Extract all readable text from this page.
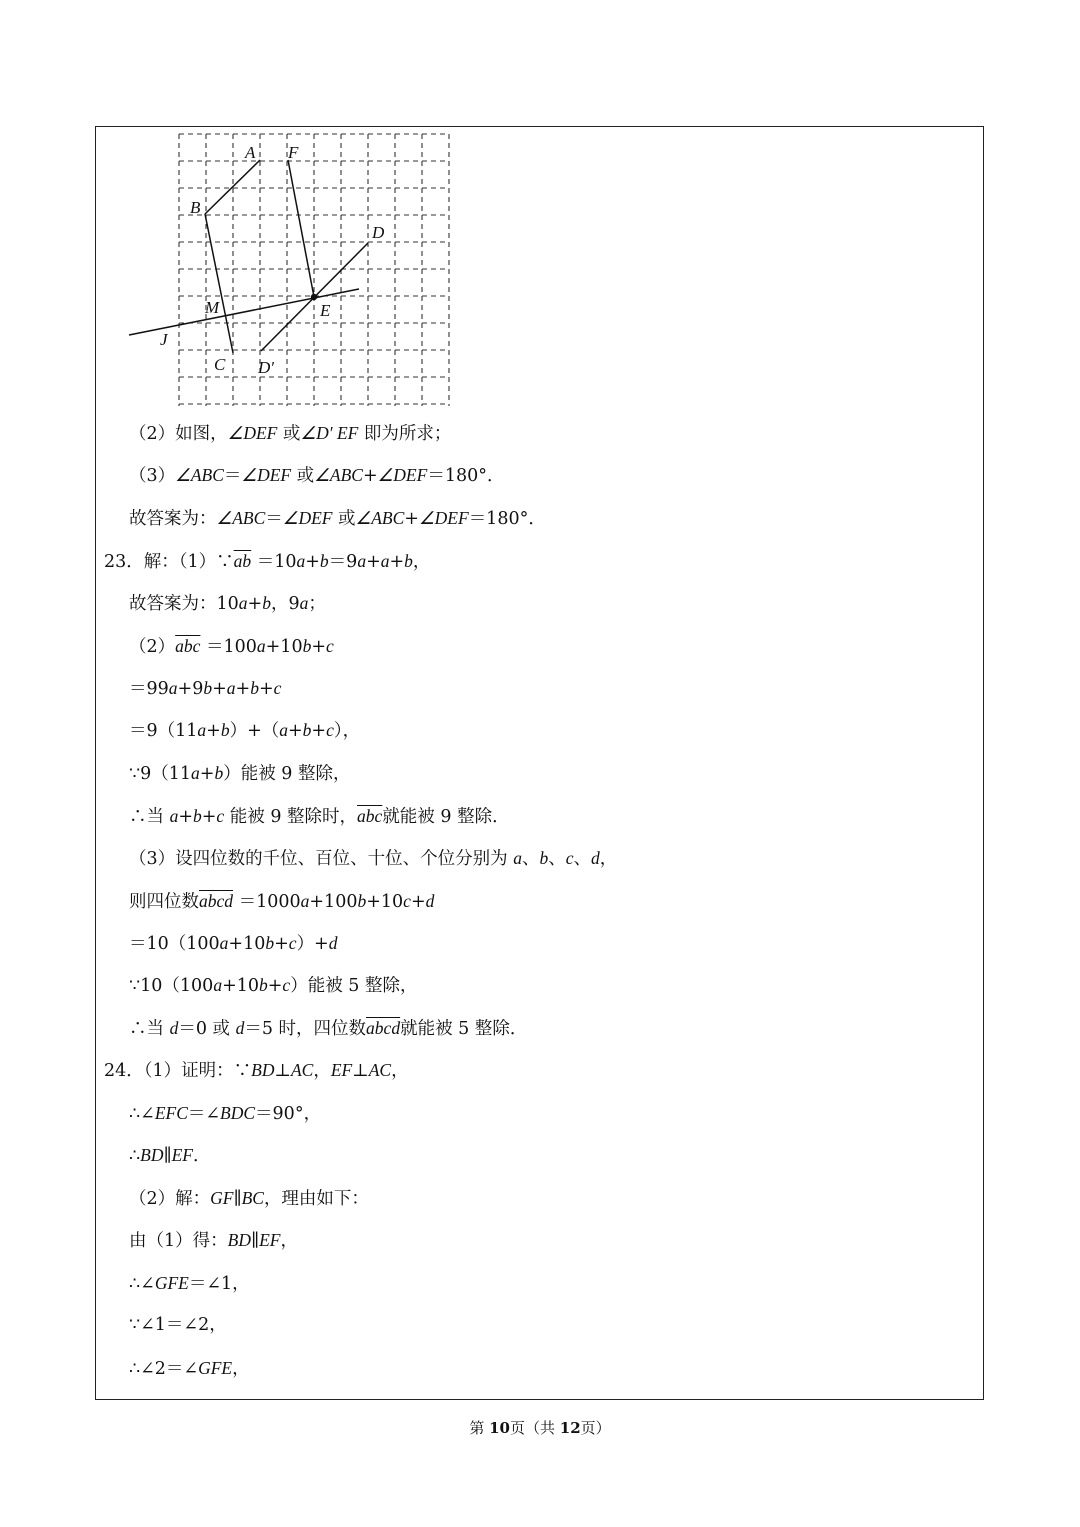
A F
B
D
M	E
J
C D′
（2）如图，∠DEF 或∠D′ EF 即为所求；
（3）∠ABC＝∠DEF 或∠ABC+∠DEF＝180°．
故答案为：∠ABC＝∠DEF 或∠ABC+∠DEF＝180°．
23．解：$(1)\because\overline{ab} =10a+b=9a+a+b$，
故答案为：10a+b，9a；
$(2)\overline{abc} =100a+10b+c$
＝99a+9b+a+b+c
＝9（11a+b）+（a+b+c），
∵9（11a+b）能被 9 整除，
∴当 a+b+c 能被 9 整除时，$\overline{abc}$就能被 9 整除．
（3）设四位数的千位、百位、十位、个位分别为 a、b、c、d，
则四位数abcd ＝1000a+100b+10c+d
＝10（100a+10b+c）+d
∵10（100a+10b+c）能被 5 整除，
∴当 d＝0 或 d＝5 时，四位数abcd就能被 5 整除．
24．（1）证明：∵BD⊥AC，EF⊥AC，
∴∠EFC＝∠BDC＝90°，
∴BD∥EF．
（2）解：GF∥BC，理由如下：
由（1）得：BD∥EF，
∴∠GFE＝∠1，
∵∠1＝∠2，
∴∠2＝∠GFE，
第 10页（共 12页）
